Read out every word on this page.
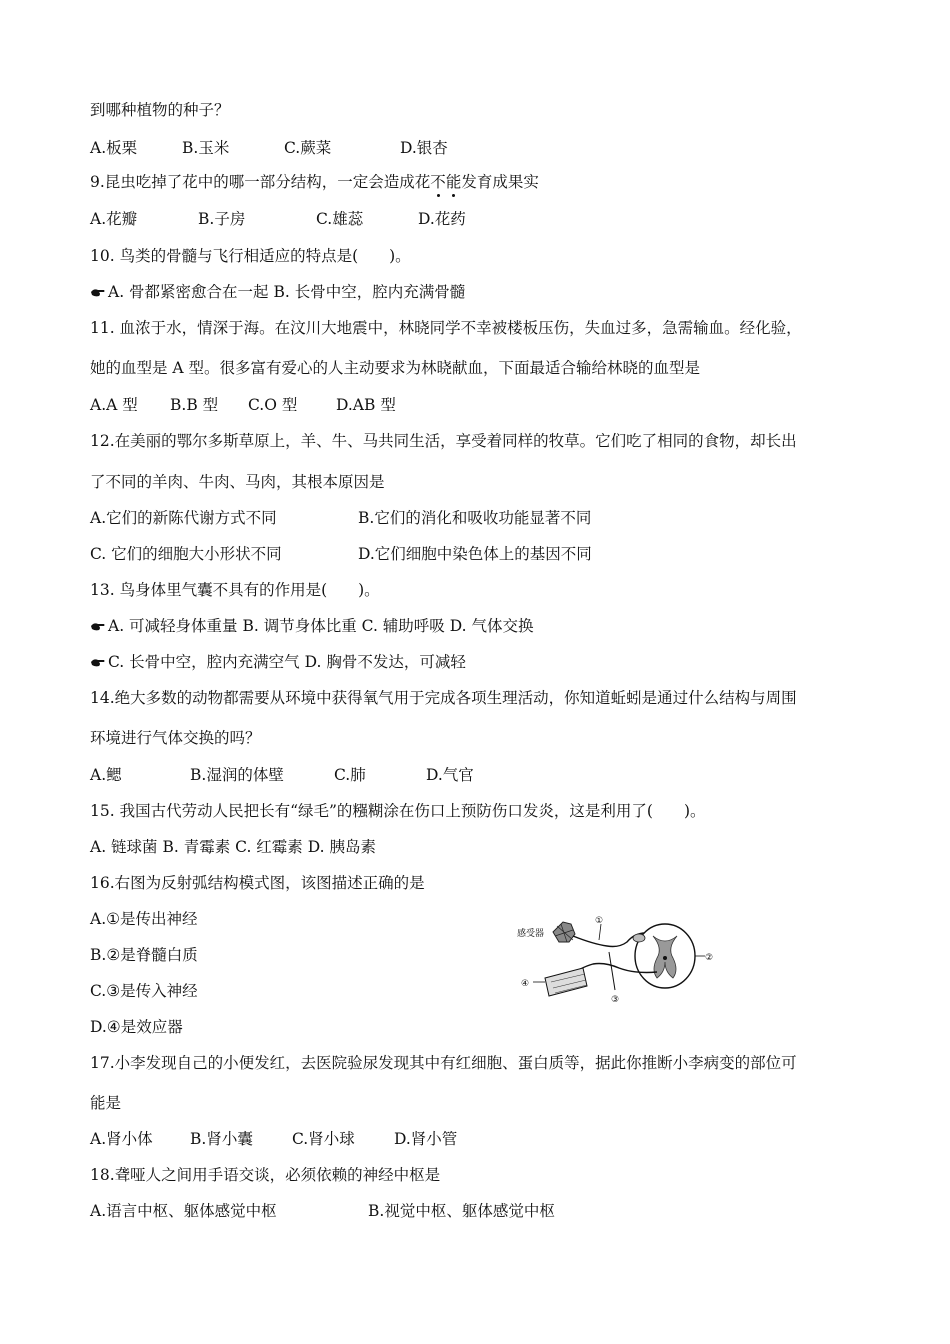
到哪种植物的种子？
A.板栗	B.玉米	C.蕨菜	D.银杏
9.昆虫吃掉了花中的哪一部分结构，一定会造成花不能发育成果实
A.花瓣	B.子房	C.雄蕊	D.花药
10. 鸟类的骨髓与飞行相适应的特点是(　　)。
A. 骨都紧密愈合在一起 B. 长骨中空，腔内充满骨髓
11. 血浓于水，情深于海。在汶川大地震中，林晓同学不幸被楼板压伤，失血过多，急需输血。经化验，
她的血型是 A 型。很多富有爱心的人主动要求为林晓献血，下面最适合输给林晓的血型是
A.A 型 B.B 型 C.O 型 D.AB 型
12.在美丽的鄂尔多斯草原上，羊、牛、马共同生活，享受着同样的牧草。它们吃了相同的食物，却长出
了不同的羊肉、牛肉、马肉，其根本原因是
A.它们的新陈代谢方式不同	B.它们的消化和吸收功能显著不同
C. 它们的细胞大小形状不同	D.它们细胞中染色体上的基因不同
13. 鸟身体里气囊不具有的作用是(　　)。
A. 可减轻身体重量 B. 调节身体比重 C. 辅助呼吸 D. 气体交换
C. 长骨中空，腔内充满空气 D. 胸骨不发达，可减轻
14.绝大多数的动物都需要从环境中获得氧气用于完成各项生理活动，你知道蚯蚓是通过什么结构与周围
环境进行气体交换的吗？
A.鳃	B.湿润的体壁	C.肺	D.气官
15. 我国古代劳动人民把长有“绿毛”的糨糊涂在伤口上预防伤口发炎，这是利用了(　　)。
A. 链球菌 B. 青霉素 C. 红霉素 D. 胰岛素
16.右图为反射弧结构模式图，该图描述正确的是
A.①是传出神经
B.②是脊髓白质
C.③是传入神经
D.④是效应器
感受器
①
②
③
④
17.小李发现自己的小便发红，去医院验尿发现其中有红细胞、蛋白质等，据此你推断小李病变的部位可
能是
A.肾小体 B.肾小囊	C.肾小球	D.肾小管
18.聋哑人之间用手语交谈，必须依赖的神经中枢是
A.语言中枢、躯体感觉中枢	B.视觉中枢、躯体感觉中枢
